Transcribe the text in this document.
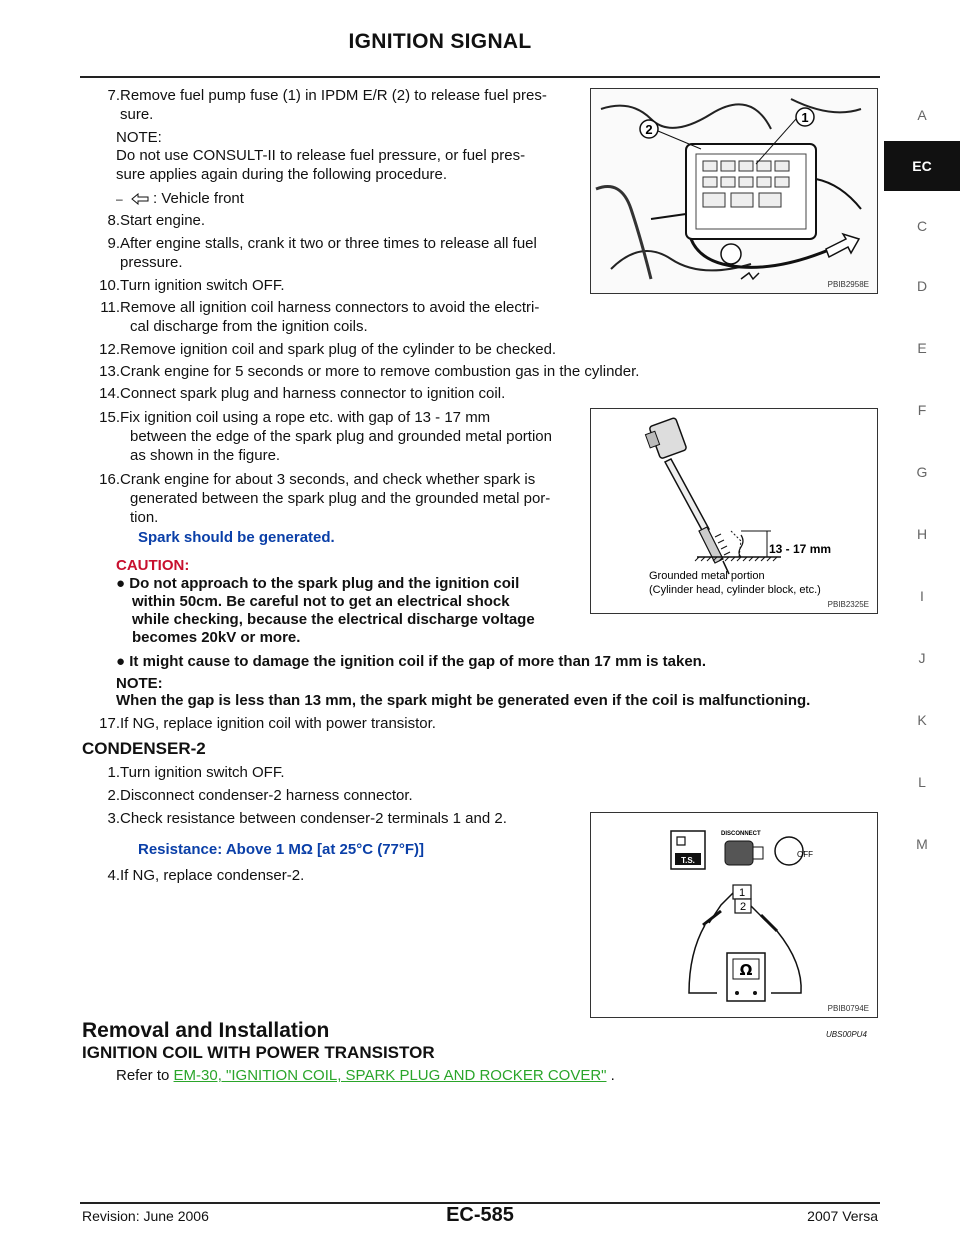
IGNITION SIGNAL
A
EC
C
D
E
F
G
H
I
J
K
L
M
7. Remove fuel pump fuse (1) in IPDM E/R (2) to release fuel pres-
sure.
NOTE:
Do not use CONSULT-II to release fuel pressure, or fuel pres-
sure applies again during the following procedure.
– : Vehicle front
8. Start engine.
9. After engine stalls, crank it two or three times to release all fuel
pressure.
10. Turn ignition switch OFF.
11. Remove all ignition coil harness connectors to avoid the electri-
cal discharge from the ignition coils.
12. Remove ignition coil and spark plug of the cylinder to be checked.
13. Crank engine for 5 seconds or more to remove combustion gas in the cylinder.
14. Connect spark plug and harness connector to ignition coil.
15. Fix ignition coil using a rope etc. with gap of 13 - 17 mm
between the edge of the spark plug and grounded metal portion
as shown in the figure.
16. Crank engine for about 3 seconds, and check whether spark is
generated between the spark plug and the grounded metal por-
tion.
Spark should be generated.
CAUTION:
● Do not approach to the spark plug and the ignition coil
within 50cm. Be careful not to get an electrical shock
while checking, because the electrical discharge voltage
becomes 20kV or more.
● It might cause to damage the ignition coil if the gap of more than 17 mm is taken.
NOTE:
When the gap is less than 13 mm, the spark might be generated even if the coil is malfunctioning.
17. If NG, replace ignition coil with power transistor.
CONDENSER-2
1. Turn ignition switch OFF.
2. Disconnect condenser-2 harness connector.
3. Check resistance between condenser-2 terminals 1 and 2.
Resistance: Above 1 MΩ [at 25°C (77°F)]
4. If NG, replace condenser-2.
Removal and Installation	UBS00PU4
IGNITION COIL WITH POWER TRANSISTOR
Refer to EM-30, "IGNITION COIL, SPARK PLUG AND ROCKER COVER" .
1
2
PBIB2958E
13 - 17 mm
Grounded metal portion
(Cylinder head, cylinder block, etc.)
PBIB2325E
T.S.
DISCONNECT
OFF
1
2
Ω
PBIB0794E
Revision: June 2006	EC-585	2007 Versa
